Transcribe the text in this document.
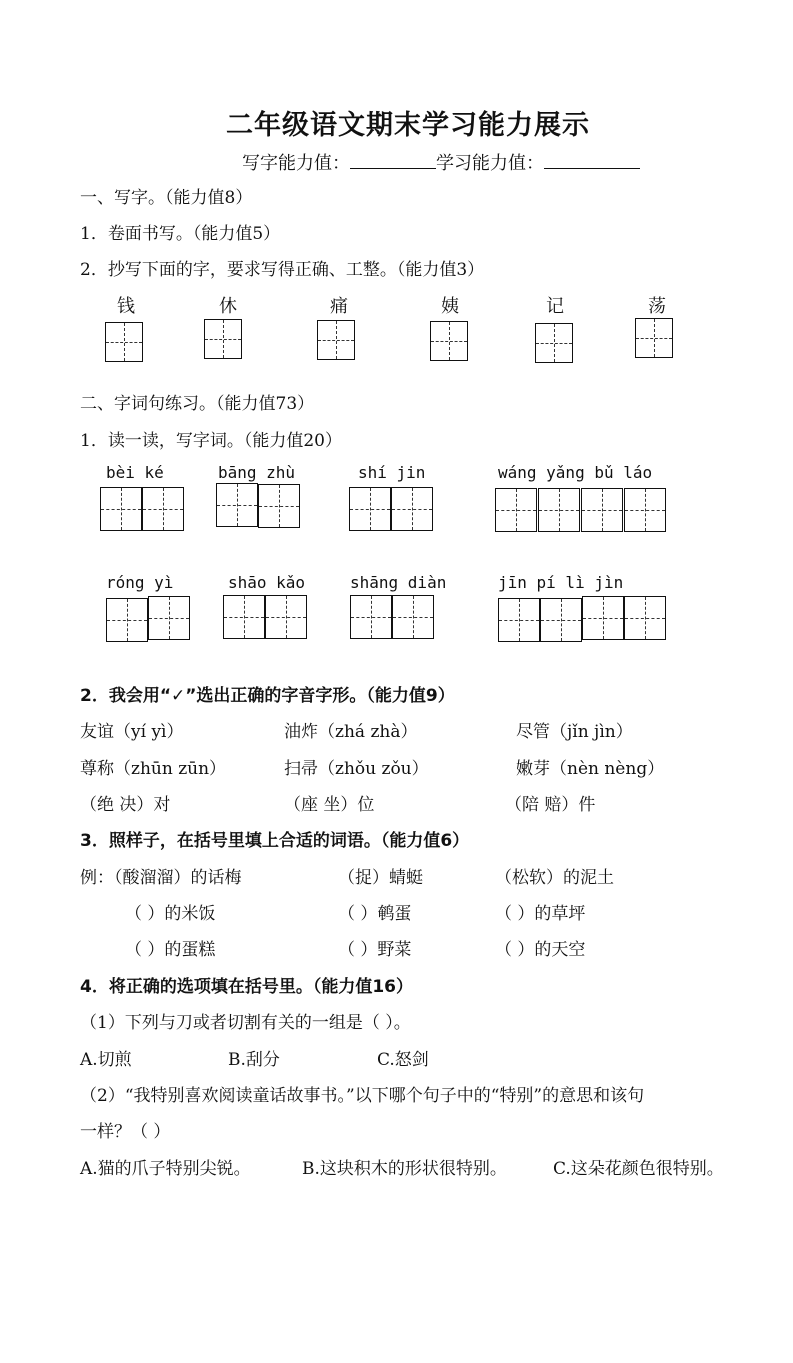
二年级语文期末学习能力展示
写字能力值：	学习能力值：
一、写字。（能力值8）
1．卷面书写。（能力值5）
2．抄写下面的字，要求写得正确、工整。（能力值3）
钱	休	痛	姨	记	荡
二、字词句练习。（能力值73）
1．读一读，写字词。（能力值20）
bèi ké	bāng zhù	shí jin	wáng yǎng bǔ láo
róng yì	shāo kǎo	shāng diàn	jīn pí lì jìn
2．我会用“✓”选出正确的字音字形。（能力值9）
友谊（yí yì）	油炸（zhá zhà）	尽管（jǐn jìn）
尊称（zhūn zūn）	扫帚（zhǒu zǒu）	嫩芽（nèn nèng）
（绝 决）对	（座 坐）位	（陪 赔）件
3．照样子，在括号里填上合适的词语。（能力值6）
例：（酸溜溜）的话梅	（捉）蜻蜓	（松软）的泥土
（ ）的米饭	（ ）鹌蛋	（ ）的草坪
（ ）的蛋糕	（ ）野菜	（ ）的天空
4．将正确的选项填在括号里。（能力值16）
（1）下列与刀或者切割有关的一组是（ ）。
A.切煎	B.刮分	C.怒剑
（2）“我特别喜欢阅读童话故事书。”以下哪个句子中的“特别”的意思和该句
一样？（ ）
A.猫的爪子特别尖锐。	B.这块积木的形状很特别。	C.这朵花颜色很特别。
